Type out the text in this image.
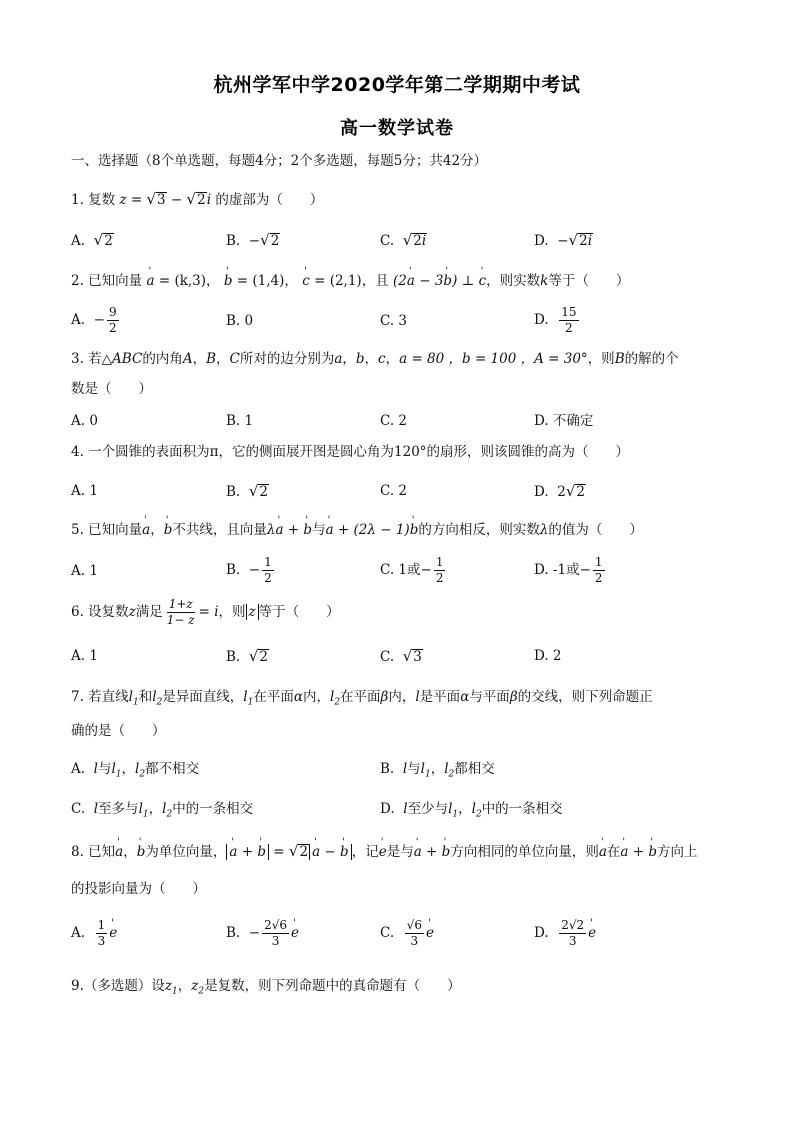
杭州学军中学2020学年第二学期期中考试
高一数学试卷
一、选择题（8个单选题，每题4分；2个多选题，每题5分；共42分）
1. 复数 z = √ 3 − √ 2 i 的虚部为（　　）
A. √ 2	B.  − √ 2	C. √ 2i	D.  − √ 2i
2. 已知向量 ' a = (k,3)， ' b = (1,4)， ' c = (2,1)，且 (2' a − 3' b) ⊥ ' c，则实数k等于（　　）
A.  − $\frac{9}{2}$	B. 0	C. 3	D. $\frac{15}{2}$
3. 若△ABC的内角A，B，C所对的边分别为a，b，c，a = 80 ，b = 100 ，A = 30°，则B的解的个
数是（　　）
A. 0	B. 1	C. 2	D. 不确定
4. 一个圆锥的表面积为π，它的侧面展开图是圆心角为120°的扇形，则该圆锥的高为（　　）
A. 1	B. √ 2	C. 2	D.  2 √ 2
5. 已知向量' a，' b不共线，且向量λ' a + ' b与' a + (2λ − 1)' b的方向相反，则实数λ的值为（　　）
A. 1	B.  − $\frac{1}{2}$	C. 1或− $\frac{1}{2}$	D. -1或− $\frac{1}{2}$
6. 设复数z满足 $\frac{1+z}{1- z} = i$，则 z 等于（　　）
A. 1	B. √ 2	C. √ 3	D. 2
7. 若直线$l_1$和$l_2$是异面直线，$l_1$在平面α内，$l_2$在平面β内，l是平面α与平面β的交线，则下列命题正
确的是（　　）
A. l与$l_1$，$l_2$都不相交	B. l与$l_1$，$l_2$都相交
C. l至多与$l_1$，$l_2$中的一条相交	D. l至少与$l_1$，$l_2$中的一条相交
8. 已知' a，' b为单位向量， ' a + ' b = √ 2 ' a − ' b ，记' e是与' a + ' b方向相同的单位向量，则' a在' a + ' b方向上
的投影向量为（　　）
A. $\frac{1}{3}$ ' e	B.  − $\frac{2√6}{3}$ ' e	C. $\frac{√6}{3}$ ' e	D. $\frac{2√2}{3}$ ' e
9.（多选题）设$z_1$，$z_2$是复数，则下列命题中的真命题有（　　）
